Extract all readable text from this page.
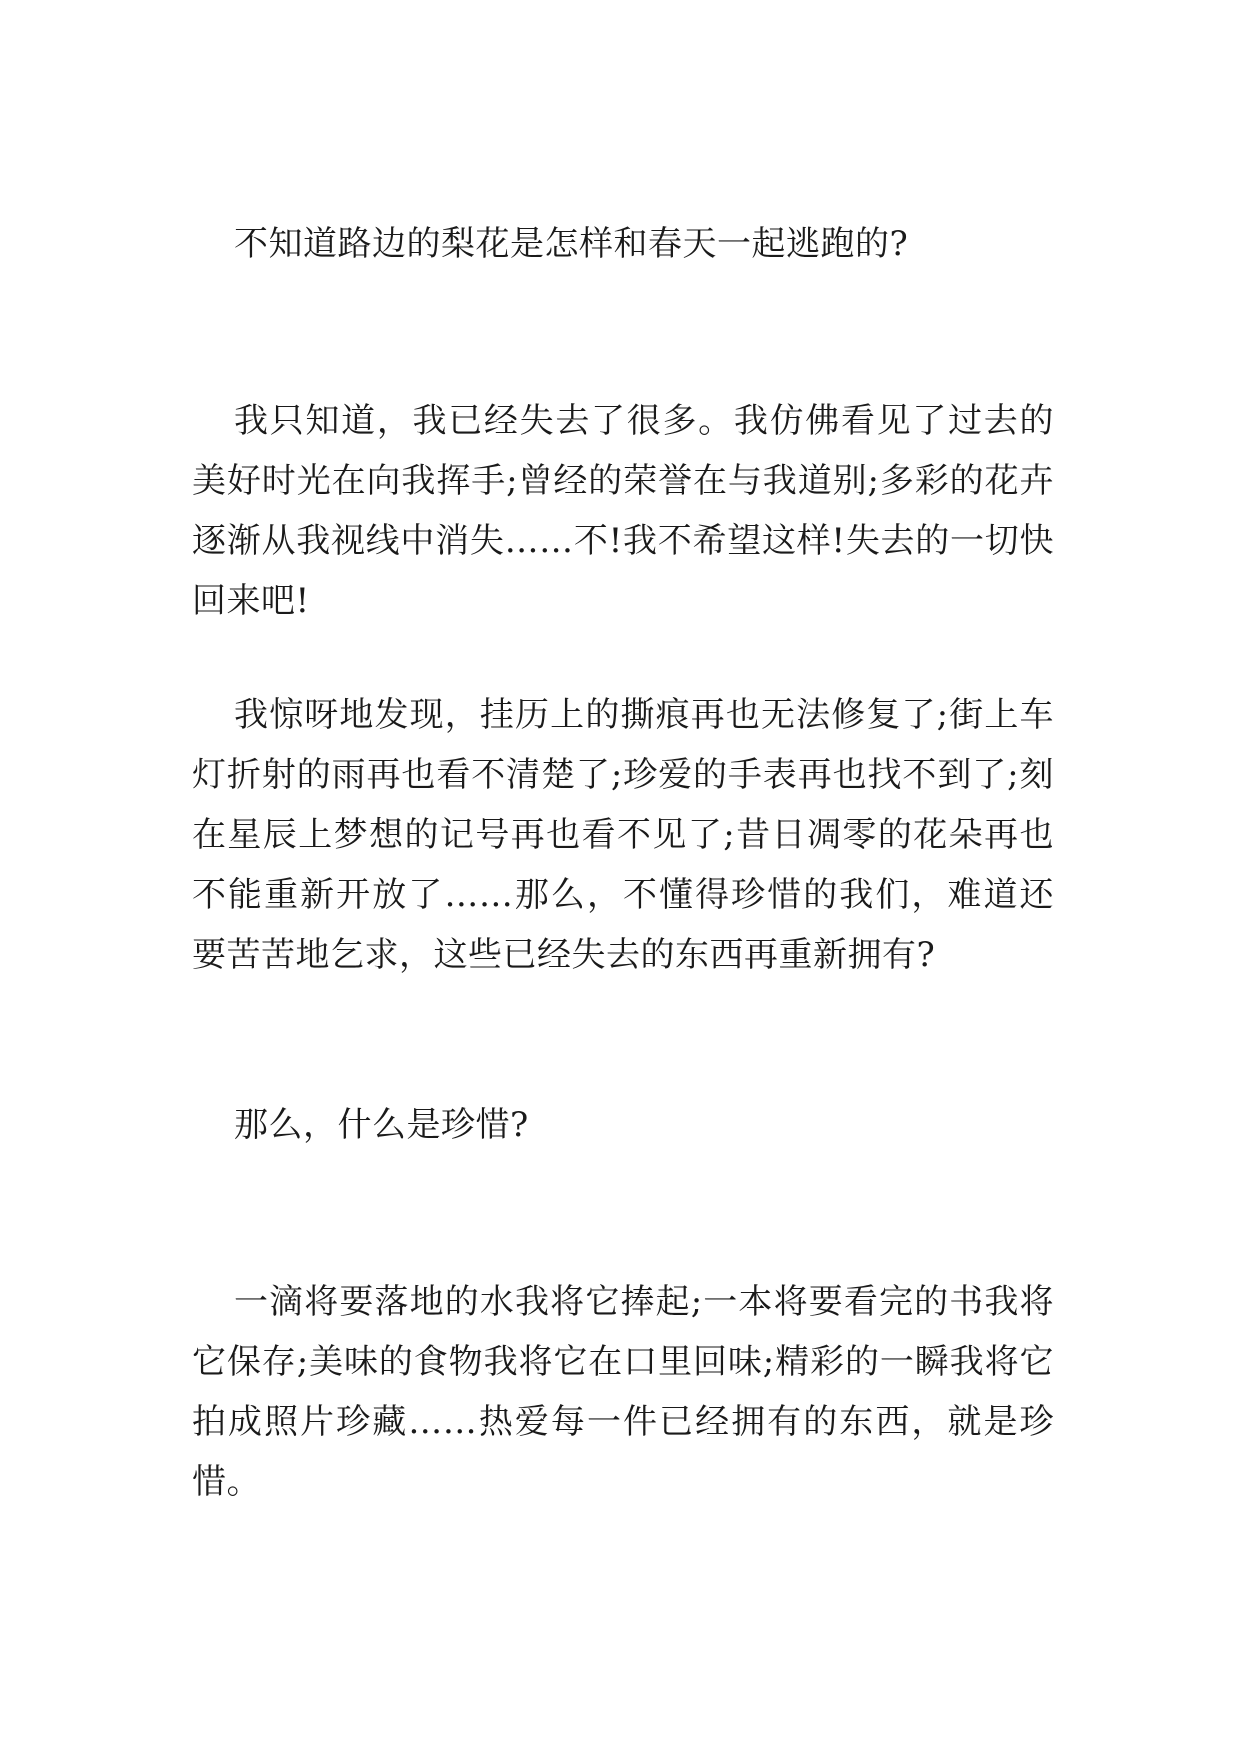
不知道路边的梨花是怎样和春天一起逃跑的?

我只知道，我已经失去了很多。我仿佛看见了过去的美好时光在向我挥手;曾经的荣誉在与我道别;多彩的花卉逐渐从我视线中消失……不!我不希望这样!失去的一切快回来吧!

我惊呀地发现，挂历上的撕痕再也无法修复了;街上车灯折射的雨再也看不清楚了;珍爱的手表再也找不到了;刻在星辰上梦想的记号再也看不见了;昔日凋零的花朵再也不能重新开放了……那么，不懂得珍惜的我们，难道还要苦苦地乞求，这些已经失去的东西再重新拥有?

那么，什么是珍惜?

一滴将要落地的水我将它捧起;一本将要看完的书我将它保存;美味的食物我将它在口里回味;精彩的一瞬我将它拍成照片珍藏……热爱每一件已经拥有的东西，就是珍惜。
